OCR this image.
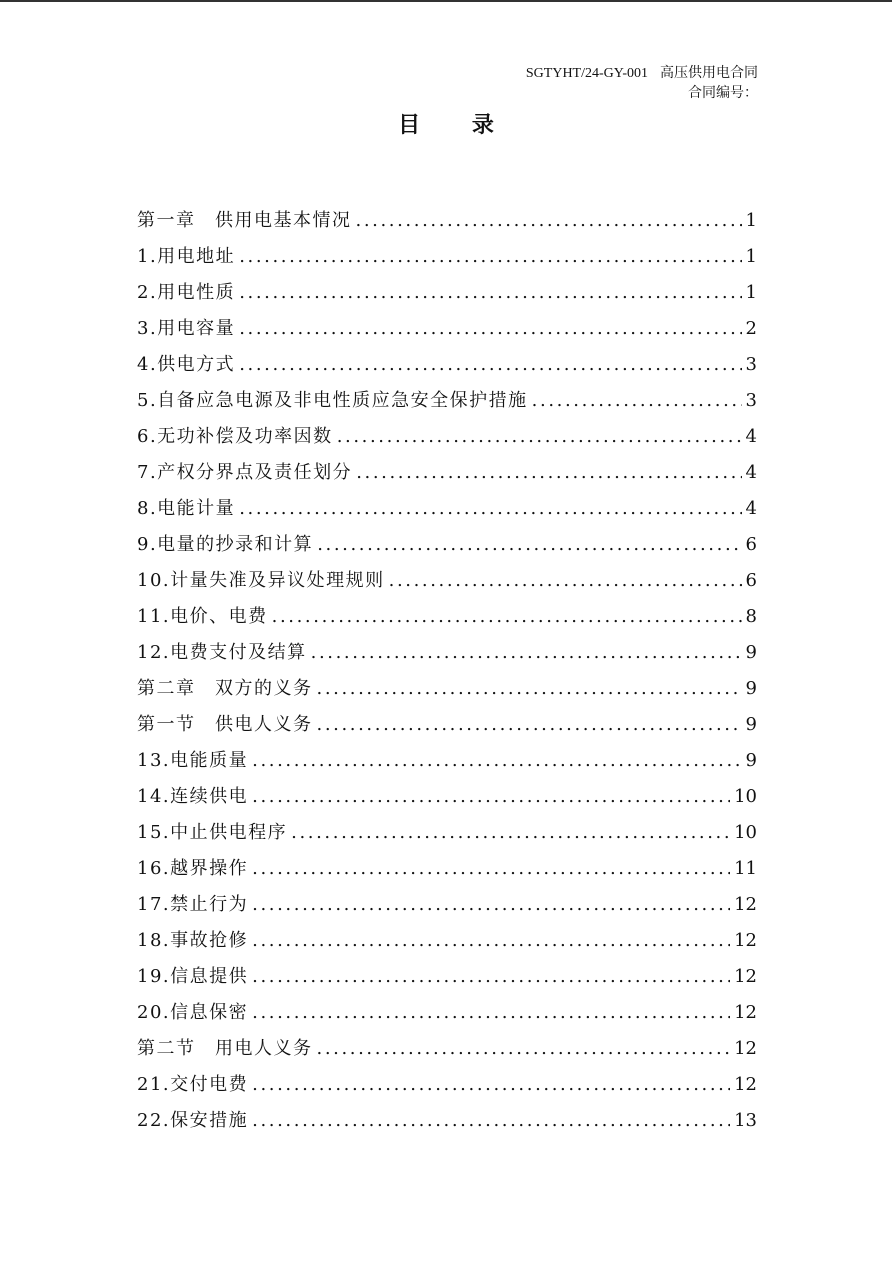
SGTYHT/24-GY-001 高压供用电合同
合同编号：
目 录
第一章　供用电基本情况 .....	1
1.用电地址 .....	1
2.用电性质 .....	1
3.用电容量 .....	2
4.供电方式 .....	3
5.自备应急电源及非电性质应急安全保护措施 .....	3
6.无功补偿及功率因数 .....	4
7.产权分界点及责任划分 .....	4
8.电能计量 .....	4
9.电量的抄录和计算 .....	6
10.计量失准及异议处理规则 .....	6
11.电价、电费 .....	8
12.电费支付及结算 .....	9
第二章　双方的义务 .....	9
第一节　供电人义务 .....	9
13.电能质量 .....	9
14.连续供电 .....	10
15.中止供电程序 .....	10
16.越界操作 .....	11
17.禁止行为 .....	12
18.事故抢修 .....	12
19.信息提供 .....	12
20.信息保密 .....	12
第二节　用电人义务 .....	12
21.交付电费 .....	12
22.保安措施 .....	13
